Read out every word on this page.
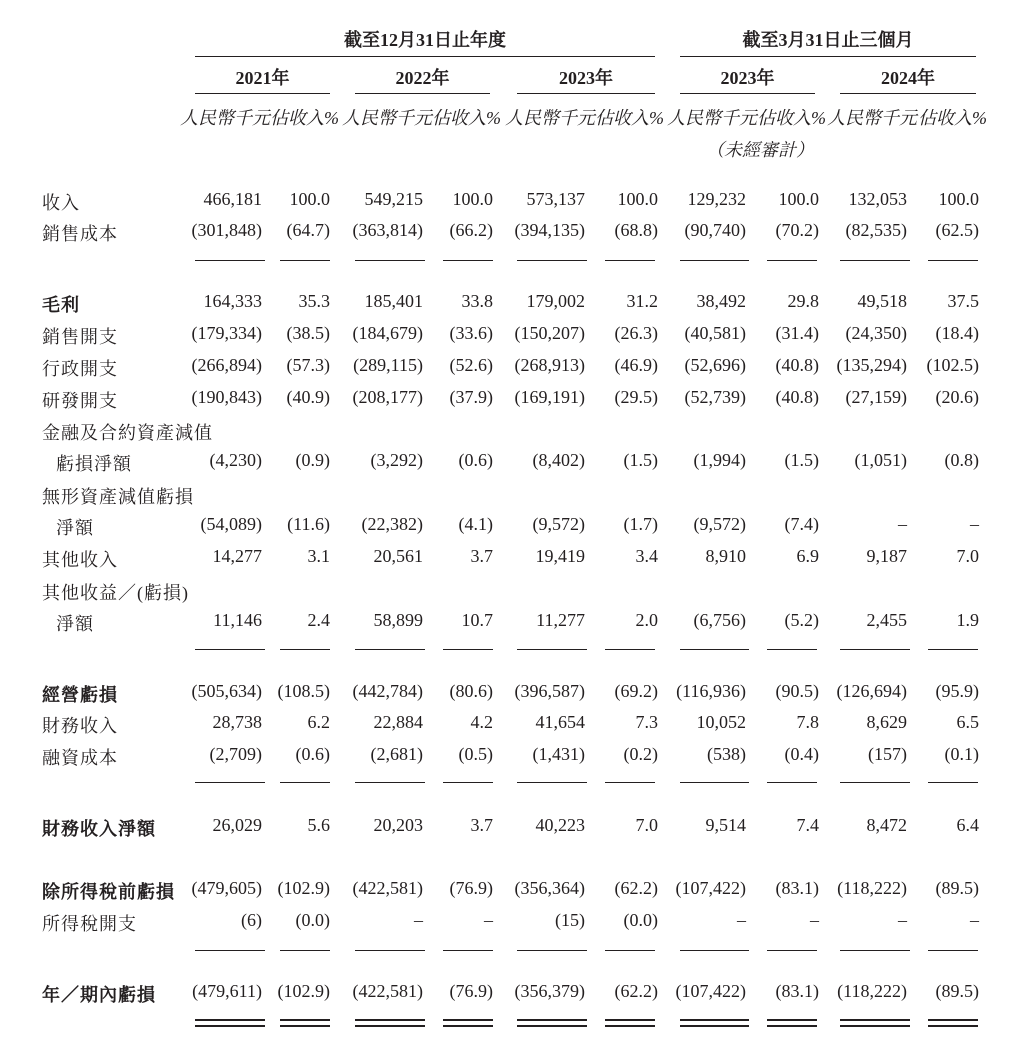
截至12月31日止年度	截至3月31日止三個月
2021年	2022年	2023年	2023年	2024年
人民幣千元 佔收入% 人民幣千元 佔收入% 人民幣千元 佔收入% 人民幣千元 佔收入% 人民幣千元 佔收入%
（未經審計）
收入	466,181 100.0 549,215 100.0 573,137 100.0 129,232 100.0 132,053 100.0
銷售成本	(301,848) (64.7) (363,814) (66.2) (394,135) (68.8) (90,740) (70.2) (82,535) (62.5)
毛利	164,333 35.3 185,401 33.8 179,002 31.2 38,492 29.8 49,518 37.5
銷售開支	(179,334) (38.5) (184,679) (33.6) (150,207) (26.3) (40,581) (31.4) (24,350) (18.4)
行政開支	(266,894) (57.3) (289,115) (52.6) (268,913) (46.9) (52,696) (40.8) (135,294) (102.5)
研發開支	(190,843) (40.9) (208,177) (37.9) (169,191) (29.5) (52,739) (40.8) (27,159) (20.6)
金融及合約資產減值
虧損淨額	(4,230) (0.9) (3,292) (0.6) (8,402) (1.5) (1,994) (1.5) (1,051) (0.8)
無形資產減值虧損
淨額	(54,089) (11.6) (22,382) (4.1) (9,572) (1.7) (9,572) (7.4)	–	–
其他收入	14,277	3.1 20,561	3.7 19,419	3.4	8,910	6.9	9,187	7.0
其他收益／(虧損)
淨額	11,146	2.4 58,899 10.7 11,277	2.0 (6,756) (5.2)	2,455	1.9
經營虧損	(505,634) (108.5) (442,784) (80.6) (396,587) (69.2) (116,936) (90.5) (126,694) (95.9)
財務收入	28,738	6.2 22,884	4.2 41,654	7.3 10,052	7.8	8,629	6.5
融資成本	(2,709) (0.6) (2,681) (0.5) (1,431) (0.2)	(538) (0.4)	(157) (0.1)
財務收入淨額	26,029	5.6 20,203	3.7 40,223	7.0	9,514	7.4	8,472	6.4
除所得稅前虧損 (479,605) (102.9) (422,581) (76.9) (356,364) (62.2) (107,422) (83.1) (118,222) (89.5)
所得稅開支	(6) (0.0)	–	–	(15) (0.0)	–	–	–	–
年／期內虧損 (479,611) (102.9) (422,581) (76.9) (356,379) (62.2) (107,422) (83.1) (118,222) (89.5)
